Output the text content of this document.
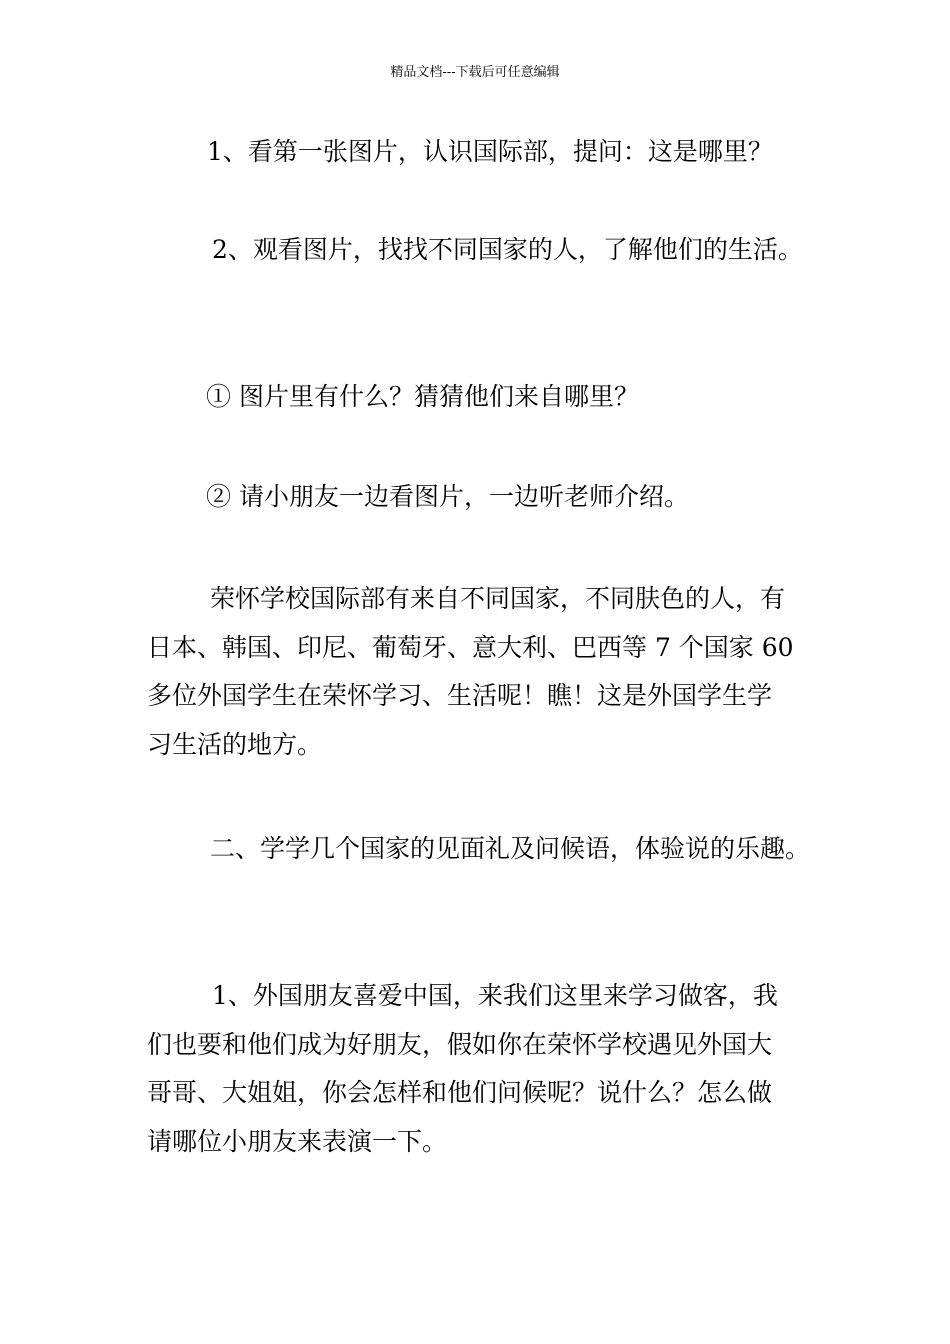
精品文档---下载后可任意编辑
1、看第一张图片，认识国际部，提问：这是哪里？
2、观看图片，找找不同国家的人，了解他们的生活。
① 图片里有什么？猜猜他们来自哪里？
② 请小朋友一边看图片，一边听老师介绍。
荣怀学校国际部有来自不同国家，不同肤色的人，有
日本、韩国、印尼、葡萄牙、意大利、巴西等 7 个国家 60
多位外国学生在荣怀学习、生活呢！瞧！这是外国学生学
习生活的地方。
二、学学几个国家的见面礼及问候语，体验说的乐趣。
1、外国朋友喜爱中国，来我们这里来学习做客，我
们也要和他们成为好朋友，假如你在荣怀学校遇见外国大
哥哥、大姐姐，你会怎样和他们问候呢？说什么？怎么做
请哪位小朋友来表演一下。
